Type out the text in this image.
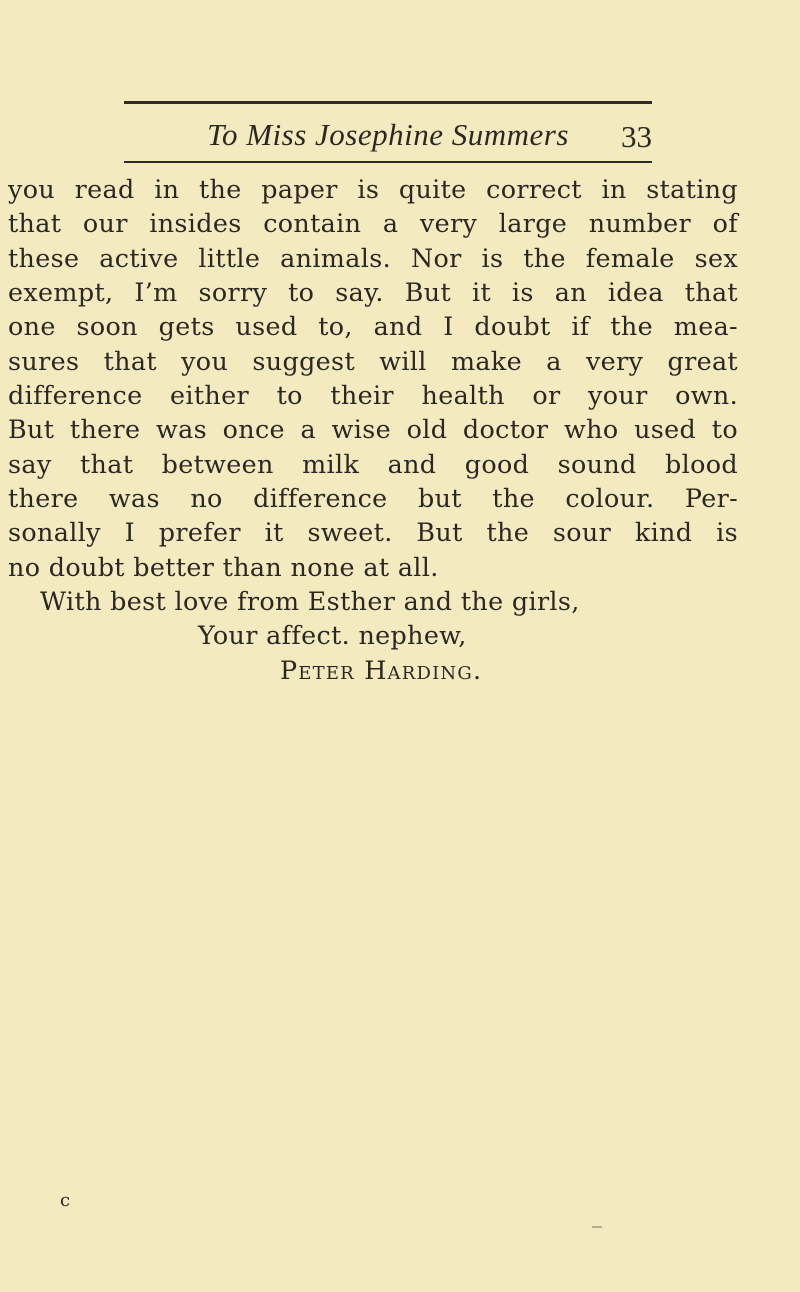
To Miss Josephine Summers	33
you read in the paper is quite correct in stating
that our insides contain a very large number of
these active little animals. Nor is the female sex
exempt, I’m sorry to say. But it is an idea that
one soon gets used to, and I doubt if the mea-
sures that you suggest will make a very great
difference either to their health or your own.
But there was once a wise old doctor who used to
say that between milk and good sound blood
there was no difference but the colour. Per-
sonally I prefer it sweet. But the sour kind is
no doubt better than none at all.
With best love from Esther and the girls,
Your affect. nephew,
Peter Harding.
c
